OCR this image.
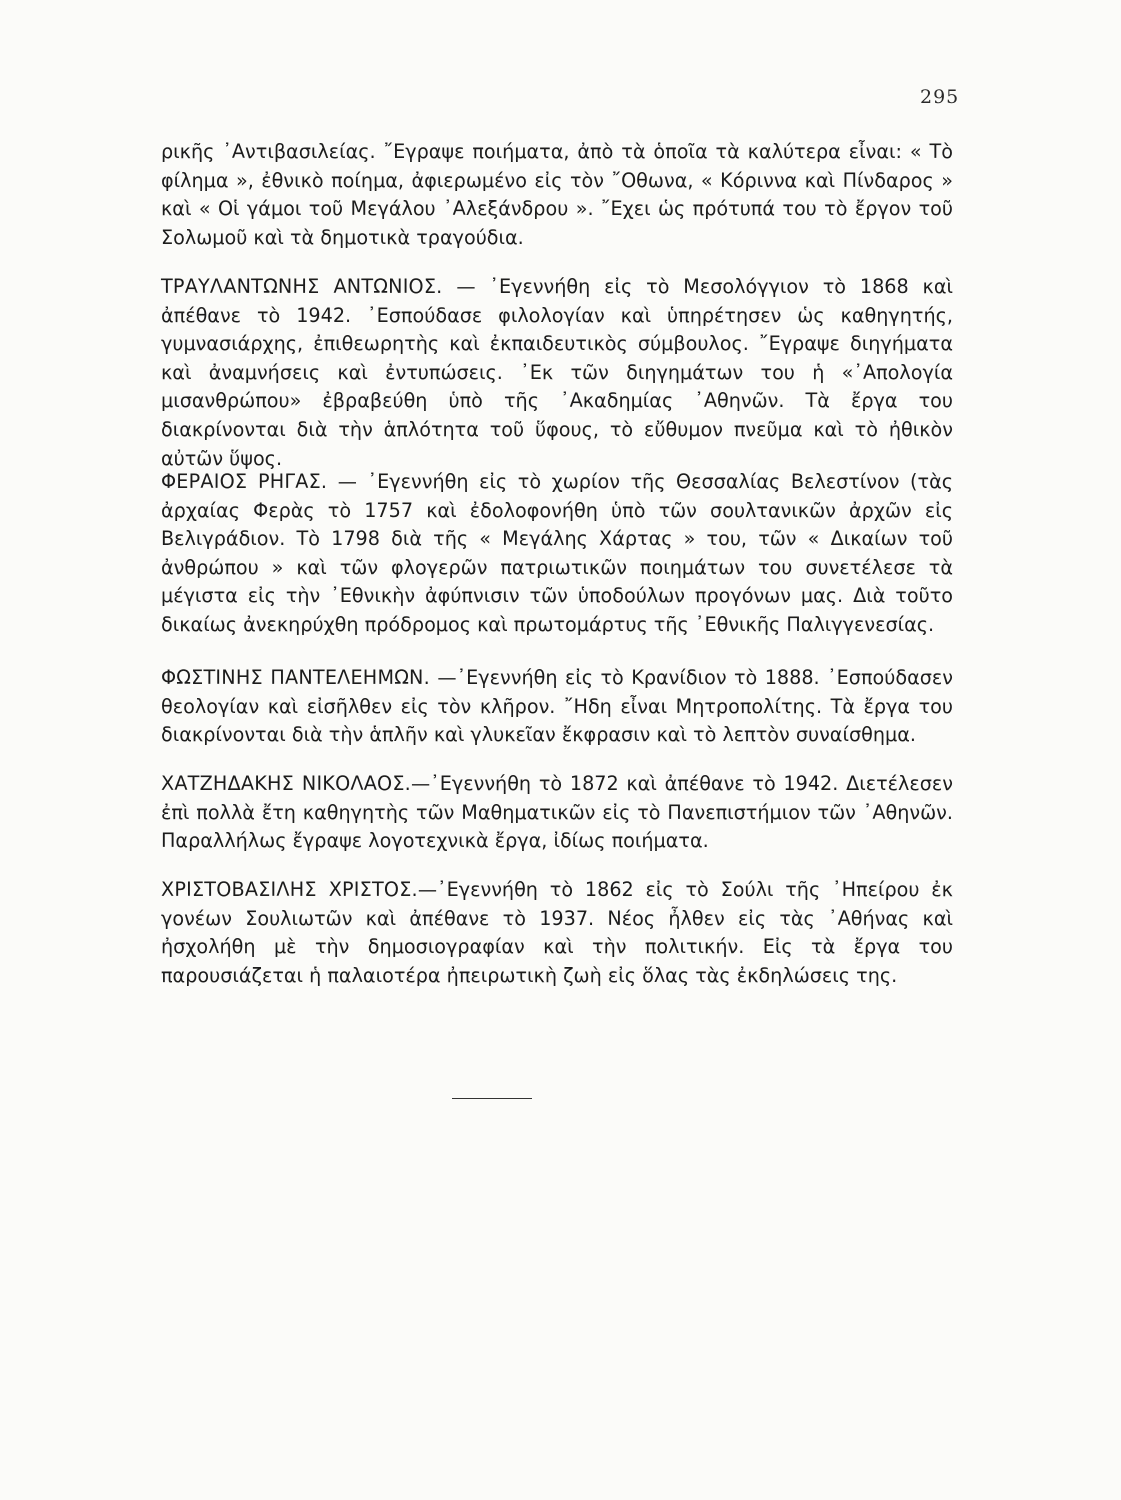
295

ρικῆς ᾿Αντιβασιλείας. ῎Εγραψε ποιήματα, ἀπὸ τὰ ὁποῖα τὰ καλύτερα εἶναι: « Τὸ φίλημα », ἐθνικὸ ποίημα, ἀφιερωμένο εἰς τὸν ῎Οθωνα, « Κόριννα καὶ Πίνδαρος » καὶ « Οἱ γάμοι τοῦ Μεγάλου ᾿Αλεξάνδρου ». ῎Εχει ὡς πρότυπά του τὸ ἔργον τοῦ Σολωμοῦ καὶ τὰ δημοτικὰ τραγούδια.

ΤΡΑΥΛΑΝΤΩΝΗΣ ΑΝΤΩΝΙΟΣ. — ᾿Εγεννήθη εἰς τὸ Μεσολόγγιον τὸ 1868 καὶ ἀπέθανε τὸ 1942. ᾿Εσπούδασε φιλολογίαν καὶ ὑπηρέτησεν ὡς καθηγητής, γυμνασιάρχης, ἐπιθεωρητὴς καὶ ἐκπαιδευτικὸς σύμβουλος. ῎Εγραψε διηγήματα καὶ ἀναμνήσεις καὶ ἐντυπώσεις. ᾿Εκ τῶν διηγημάτων του ἡ «᾿Απολογία μισανθρώπου» ἐβραβεύθη ὑπὸ τῆς ᾿Ακαδημίας ᾿Αθηνῶν. Τὰ ἔργα του διακρίνονται διὰ τὴν ἁπλότητα τοῦ ὕφους, τὸ εὔθυμον πνεῦμα καὶ τὸ ἠθικὸν αὐτῶν ὕψος.

ΦΕΡΑΙΟΣ ΡΗΓΑΣ. — ᾿Εγεννήθη εἰς τὸ χωρίον τῆς Θεσσαλίας Βελεστίνον (τὰς ἀρχαίας Φερὰς τὸ 1757 καὶ ἐδολοφονήθη ὑπὸ τῶν σουλτανικῶν ἀρχῶν εἰς Βελιγράδιον. Τὸ 1798 διὰ τῆς « Μεγάλης Χάρτας » του, τῶν « Δικαίων τοῦ ἀνθρώπου » καὶ τῶν φλογερῶν πατριωτικῶν ποιημάτων του συνετέλεσε τὰ μέγιστα εἰς τὴν ᾿Εθνικὴν ἀφύπνισιν τῶν ὑποδούλων προγόνων μας. Διὰ τοῦτο δικαίως ἀνεκηρύχθη πρόδρομος καὶ πρωτομάρτυς τῆς ᾿Εθνικῆς Παλιγγενεσίας.

ΦΩΣΤΙΝΗΣ ΠΑΝΤΕΛΕΗΜΩΝ. —᾿Εγεννήθη εἰς τὸ Κρανίδιον τὸ 1888. ᾿Εσπούδασεν θεολογίαν καὶ εἰσῆλθεν εἰς τὸν κλῆρον. ῎Ηδη εἶναι Μητροπολίτης. Τὰ ἔργα του διακρίνονται διὰ τὴν ἁπλῆν καὶ γλυκεῖαν ἔκφρασιν καὶ τὸ λεπτὸν συναίσθημα.

ΧΑΤΖΗΔΑΚΗΣ ΝΙΚΟΛΑΟΣ.—᾿Εγεννήθη τὸ 1872 καὶ ἀπέθανε τὸ 1942. Διετέλεσεν ἐπὶ πολλὰ ἔτη καθηγητὴς τῶν Μαθηματικῶν εἰς τὸ Πανεπιστήμιον τῶν ᾿Αθηνῶν. Παραλλήλως ἔγραψε λογοτεχνικὰ ἔργα, ἰδίως ποιήματα.

ΧΡΙΣΤΟΒΑΣΙΛΗΣ ΧΡΙΣΤΟΣ.—᾿Εγεννήθη τὸ 1862 εἰς τὸ Σούλι τῆς ᾿Ηπείρου ἐκ γονέων Σουλιωτῶν καὶ ἀπέθανε τὸ 1937. Νέος ἦλθεν εἰς τὰς ᾿Αθήνας καὶ ἠσχολήθη μὲ τὴν δημοσιογραφίαν καὶ τὴν πολιτικήν. Εἰς τὰ ἔργα του παρουσιάζεται ἡ παλαιοτέρα ἠπειρωτικὴ ζωὴ εἰς ὅλας τὰς ἐκδηλώσεις της.
